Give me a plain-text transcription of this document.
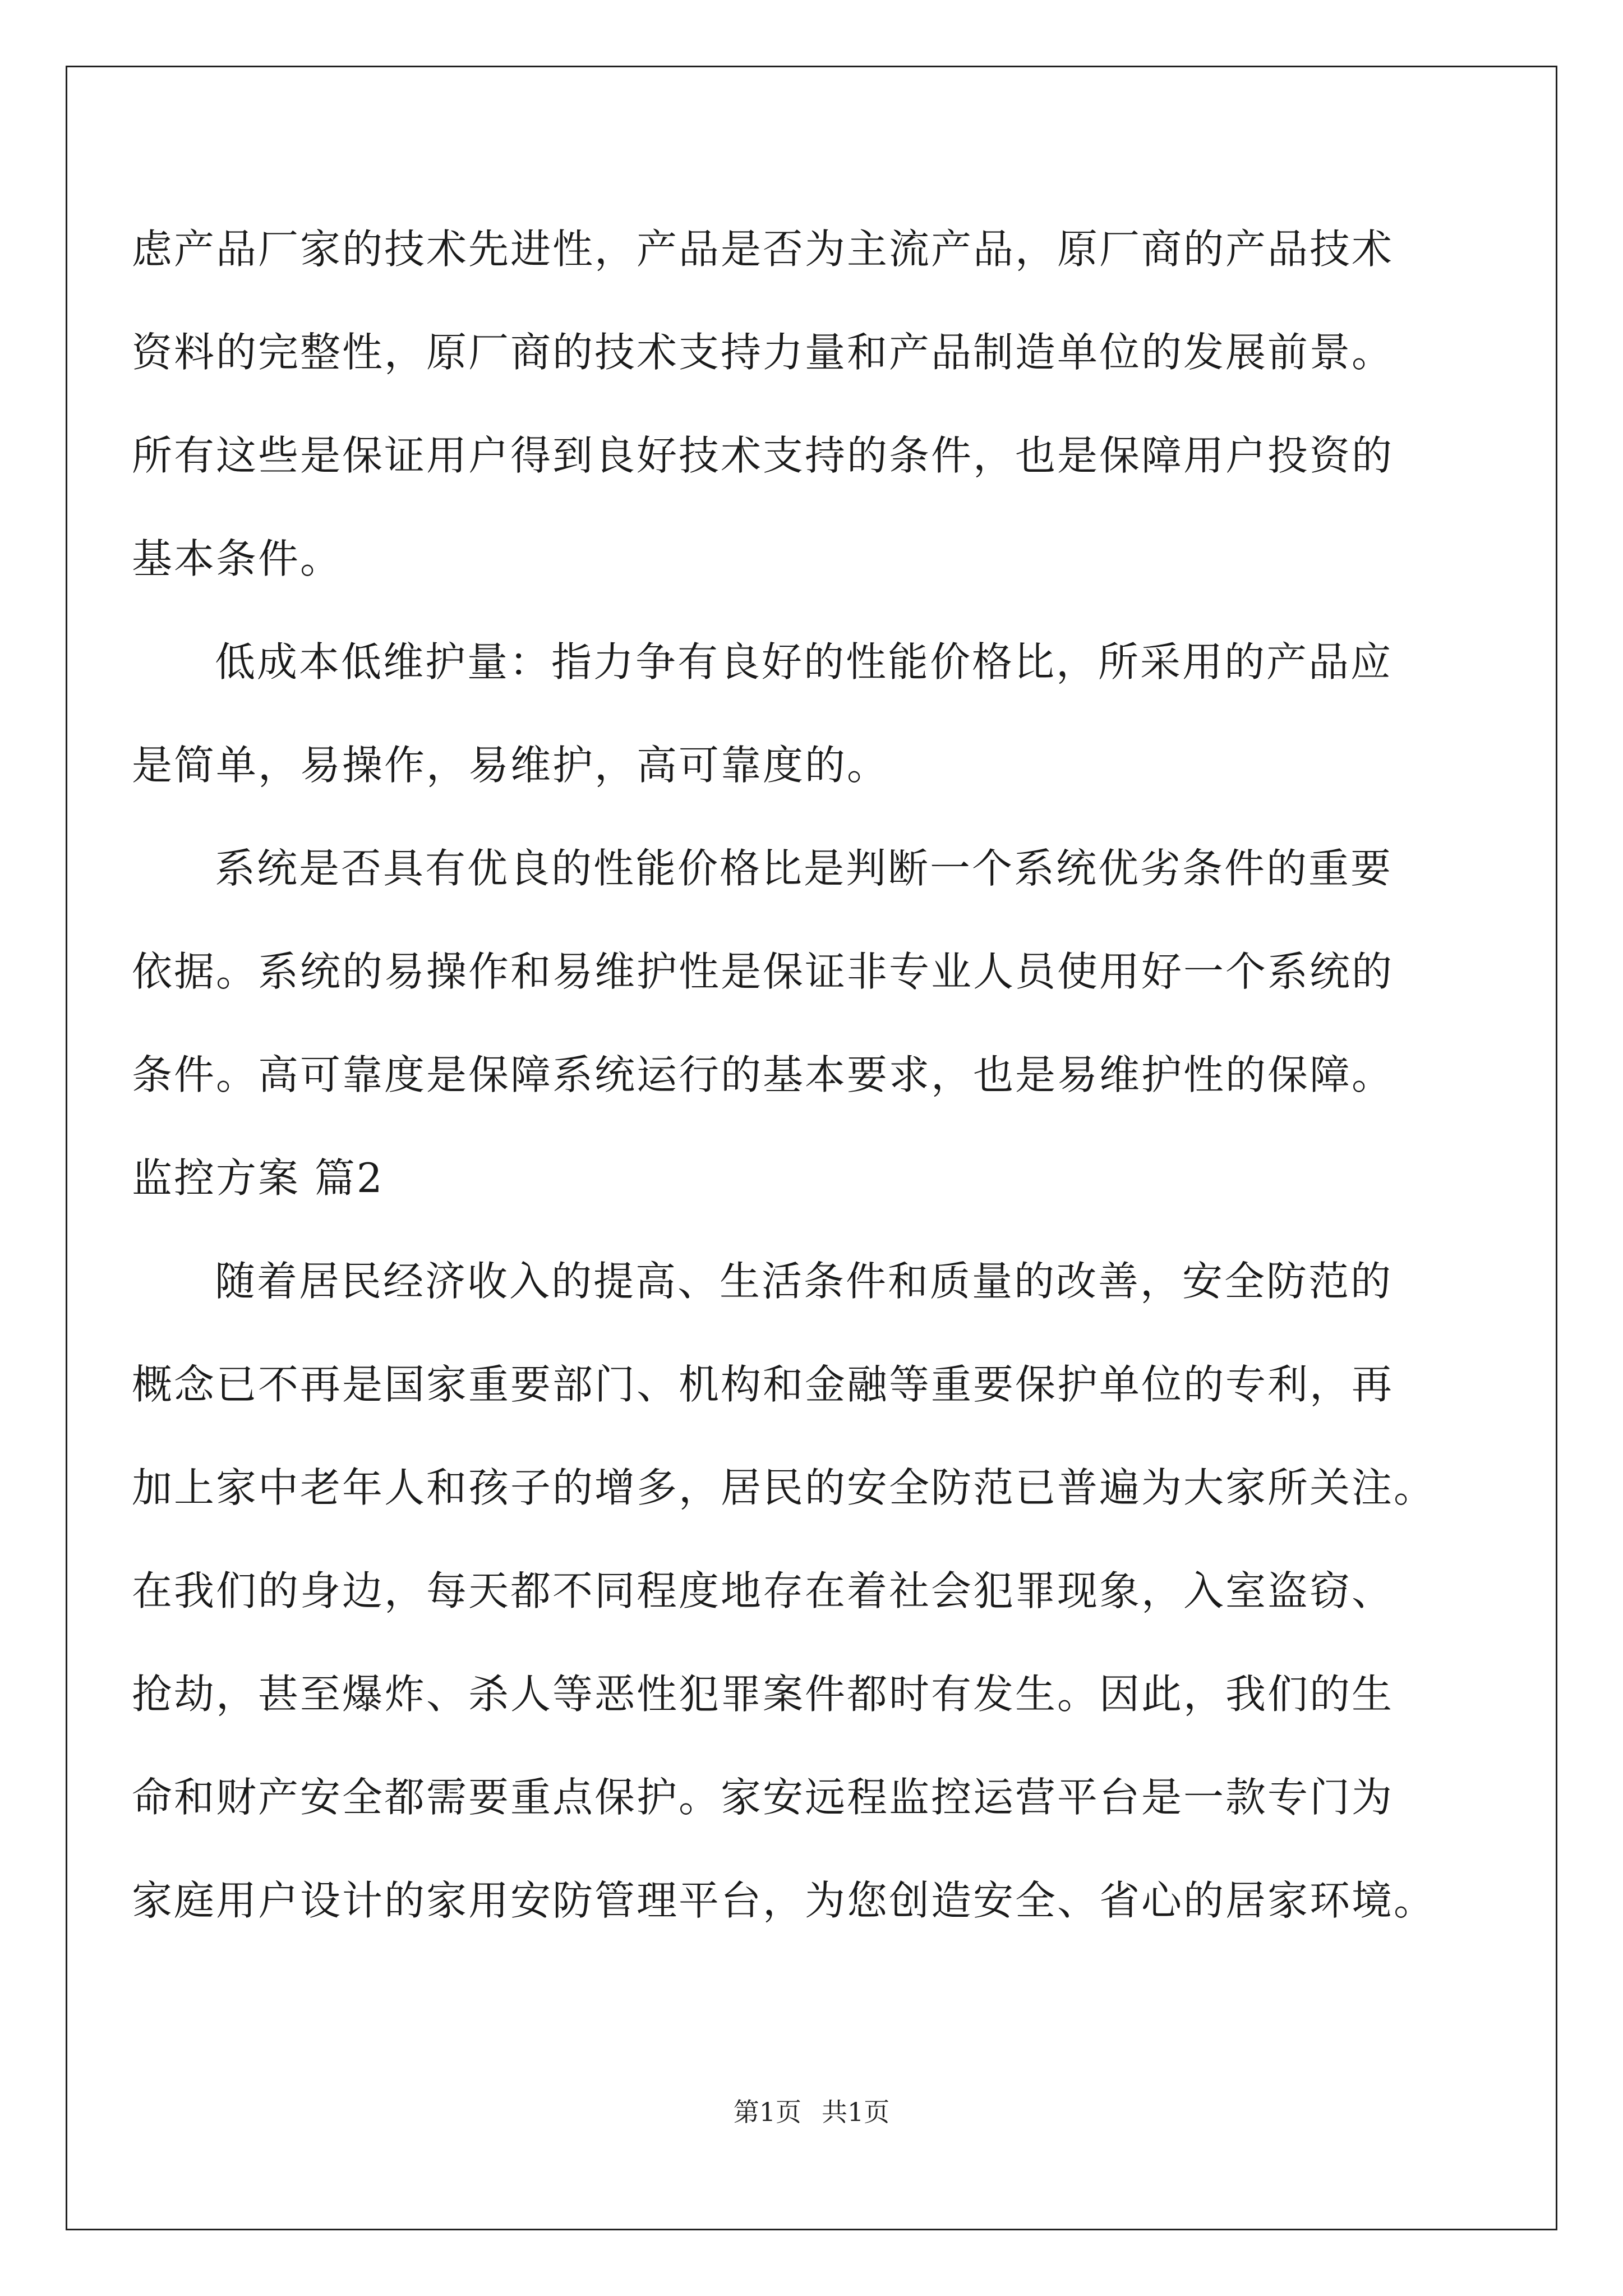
虑产品厂家的技术先进性，产品是否为主流产品，原厂商的产品技术
资料的完整性，原厂商的技术支持力量和产品制造单位的发展前景。
所有这些是保证用户得到良好技术支持的条件，也是保障用户投资的
基本条件。
低成本低维护量：指力争有良好的性能价格比，所采用的产品应
是简单，易操作，易维护，高可靠度的。
系统是否具有优良的性能价格比是判断一个系统优劣条件的重要
依据。系统的易操作和易维护性是保证非专业人员使用好一个系统的
条件。高可靠度是保障系统运行的基本要求，也是易维护性的保障。
监控方案 篇2
随着居民经济收入的提高、生活条件和质量的改善，安全防范的
概念已不再是国家重要部门、机构和金融等重要保护单位的专利，再
加上家中老年人和孩子的增多，居民的安全防范已普遍为大家所关注。
在我们的身边，每天都不同程度地存在着社会犯罪现象，入室盗窃、
抢劫，甚至爆炸、杀人等恶性犯罪案件都时有发生。因此，我们的生
命和财产安全都需要重点保护。家安远程监控运营平台是一款专门为
家庭用户设计的家用安防管理平台，为您创造安全、省心的居家环境。
第1页 共1页
